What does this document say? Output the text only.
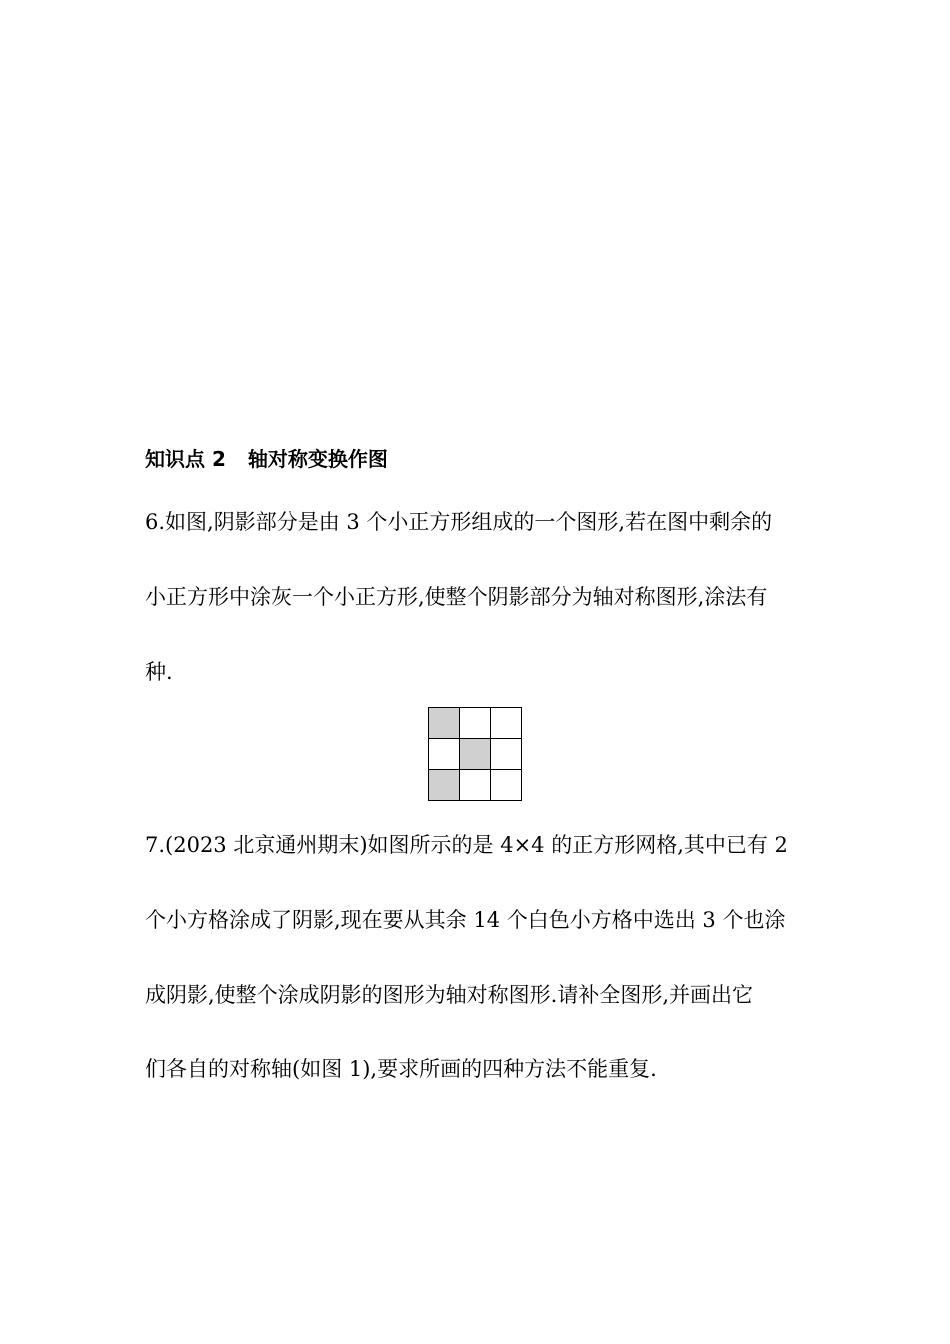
知识点 2 轴对称变换作图
6.如图,阴影部分是由 3 个小正方形组成的一个图形,若在图中剩余的
小正方形中涂灰一个小正方形,使整个阴影部分为轴对称图形,涂法有
种.
7.(2023 北京通州期末)如图所示的是 4×4 的正方形网格,其中已有 2
个小方格涂成了阴影,现在要从其余 14 个白色小方格中选出 3 个也涂
成阴影,使整个涂成阴影的图形为轴对称图形.请补全图形,并画出它
们各自的对称轴(如图 1),要求所画的四种方法不能重复.
